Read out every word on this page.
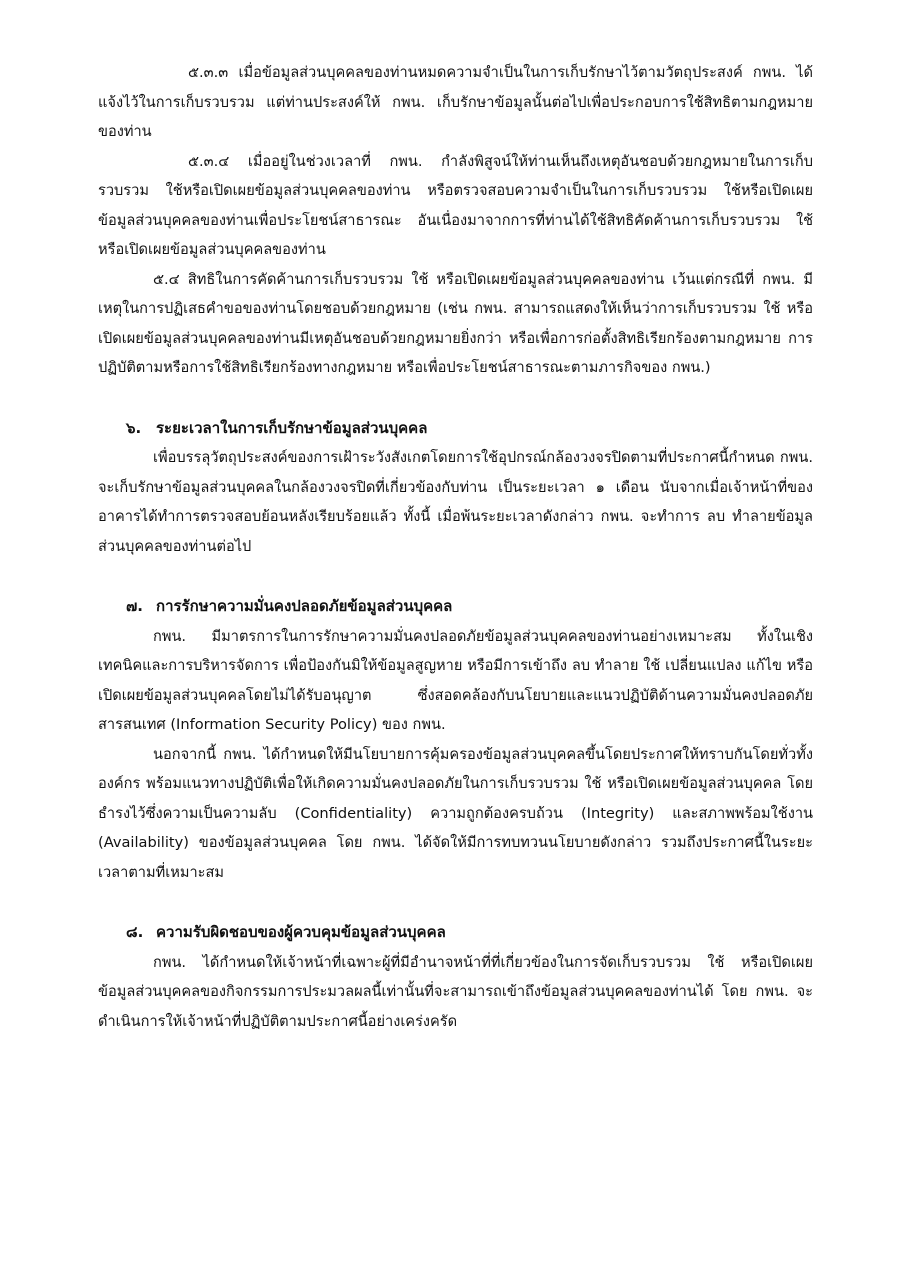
๕.๓.๓ เมื่อข้อมูลส่วนบุคคลของท่านหมดความจำเป็นในการเก็บรักษาไว้ตามวัตถุประสงค์ กพน. ได้แจ้งไว้ในการเก็บรวบรวม แต่ท่านประสงค์ให้ กพน. เก็บรักษาข้อมูลนั้นต่อไปเพื่อประกอบการใช้สิทธิตามกฎหมายของท่าน

๕.๓.๔ เมื่ออยู่ในช่วงเวลาที่ กพน. กำลังพิสูจน์ให้ท่านเห็นถึงเหตุอันชอบด้วยกฎหมายในการเก็บรวบรวม ใช้หรือเปิดเผยข้อมูลส่วนบุคคลของท่าน หรือตรวจสอบความจำเป็นในการเก็บรวบรวม ใช้หรือเปิดเผยข้อมูลส่วนบุคคลของท่านเพื่อประโยชน์สาธารณะ อันเนื่องมาจากการที่ท่านได้ใช้สิทธิคัดค้านการเก็บรวบรวม ใช้ หรือเปิดเผยข้อมูลส่วนบุคคลของท่าน

๕.๔ สิทธิในการคัดค้านการเก็บรวบรวม ใช้ หรือเปิดเผยข้อมูลส่วนบุคคลของท่าน เว้นแต่กรณีที่ กพน. มีเหตุในการปฏิเสธคำขอของท่านโดยชอบด้วยกฎหมาย (เช่น กพน. สามารถแสดงให้เห็นว่าการเก็บรวบรวม ใช้ หรือเปิดเผยข้อมูลส่วนบุคคลของท่านมีเหตุอันชอบด้วยกฎหมายยิ่งกว่า หรือเพื่อการก่อตั้งสิทธิเรียกร้องตามกฎหมาย การปฏิบัติตามหรือการใช้สิทธิเรียกร้องทางกฎหมาย หรือเพื่อประโยชน์สาธารณะตามภารกิจของ กพน.)

๖. ระยะเวลาในการเก็บรักษาข้อมูลส่วนบุคคล

เพื่อบรรลุวัตถุประสงค์ของการเฝ้าระวังสังเกตโดยการใช้อุปกรณ์กล้องวงจรปิดตามที่ประกาศนี้กำหนด กพน. จะเก็บรักษาข้อมูลส่วนบุคคลในกล้องวงจรปิดที่เกี่ยวข้องกับท่าน เป็นระยะเวลา ๑ เดือน นับจากเมื่อเจ้าหน้าที่ของอาคารได้ทำการตรวจสอบย้อนหลังเรียบร้อยแล้ว ทั้งนี้ เมื่อพ้นระยะเวลาดังกล่าว กพน. จะทำการ ลบ ทำลายข้อมูลส่วนบุคคลของท่านต่อไป

๗. การรักษาความมั่นคงปลอดภัยข้อมูลส่วนบุคคล

กพน. มีมาตรการในการรักษาความมั่นคงปลอดภัยข้อมูลส่วนบุคคลของท่านอย่างเหมาะสม ทั้งในเชิงเทคนิคและการบริหารจัดการ เพื่อป้องกันมิให้ข้อมูลสูญหาย หรือมีการเข้าถึง ลบ ทำลาย ใช้ เปลี่ยนแปลง แก้ไข หรือเปิดเผยข้อมูลส่วนบุคคลโดยไม่ได้รับอนุญาต ซึ่งสอดคล้องกับนโยบายและแนวปฏิบัติด้านความมั่นคงปลอดภัยสารสนเทศ (Information Security Policy) ของ กพน.

นอกจากนี้ กพน. ได้กำหนดให้มีนโยบายการคุ้มครองข้อมูลส่วนบุคคลขึ้นโดยประกาศให้ทราบกันโดยทั่วทั้งองค์กร พร้อมแนวทางปฏิบัติเพื่อให้เกิดความมั่นคงปลอดภัยในการเก็บรวบรวม ใช้ หรือเปิดเผยข้อมูลส่วนบุคคล โดยธำรงไว้ซึ่งความเป็นความลับ (Confidentiality) ความถูกต้องครบถ้วน (Integrity) และสภาพพร้อมใช้งาน (Availability) ของข้อมูลส่วนบุคคล โดย กพน. ได้จัดให้มีการทบทวนนโยบายดังกล่าว รวมถึงประกาศนี้ในระยะเวลาตามที่เหมาะสม

๘. ความรับผิดชอบของผู้ควบคุมข้อมูลส่วนบุคคล

กพน. ได้กำหนดให้เจ้าหน้าที่เฉพาะผู้ที่มีอำนาจหน้าที่ที่เกี่ยวข้องในการจัดเก็บรวบรวม ใช้ หรือเปิดเผยข้อมูลส่วนบุคคลของกิจกรรมการประมวลผลนี้เท่านั้นที่จะสามารถเข้าถึงข้อมูลส่วนบุคคลของท่านได้ โดย กพน. จะดำเนินการให้เจ้าหน้าที่ปฏิบัติตามประกาศนี้อย่างเคร่งครัด
